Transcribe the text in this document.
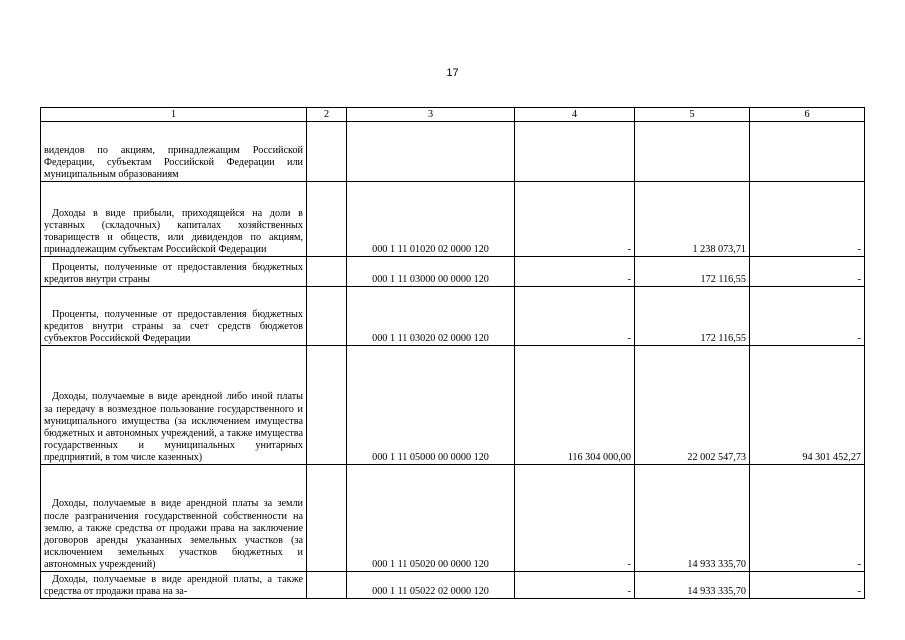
17
1	2	3	4	5	6

видендов по акциям, принадлежащим Российской Федерации, субъектам Российской Федерации или муниципальным образованиям					

Доходы в виде прибыли, приходящейся на доли в уставных (складочных) капиталах хозяйственных товариществ и обществ, или дивидендов по акциям, принадлежащим субъектам Российской Федерации		000 1 11 01020 02 0000 120	-	1 238 073,71	-

Проценты, полученные от предоставления бюджетных кредитов внутри страны		000 1 11 03000 00 0000 120	-	172 116,55	-

Проценты, полученные от предоставления бюджетных кредитов внутри страны за счет средств бюджетов субъектов Российской Федерации		000 1 11 03020 02 0000 120	-	172 116,55	-

Доходы, получаемые в виде арендной либо иной платы за передачу в возмездное пользование государственного и муниципального имущества (за исключением имущества бюджетных и автономных учреждений, а также имущества государственных и муниципальных унитарных предприятий, в том числе казенных)		000 1 11 05000 00 0000 120	116 304 000,00	22 002 547,73	94 301 452,27

Доходы, получаемые в виде арендной платы за земли после разграничения государственной собственности на землю, а также средства от продажи права на заключение договоров аренды указанных земельных участков (за исключением земельных участков бюджетных и автономных учреждений)		000 1 11 05020 00 0000 120	-	14 933 335,70	-

Доходы, получаемые в виде арендной платы, а также средства от продажи права на за-		000 1 11 05022 02 0000 120	-	14 933 335,70	-
